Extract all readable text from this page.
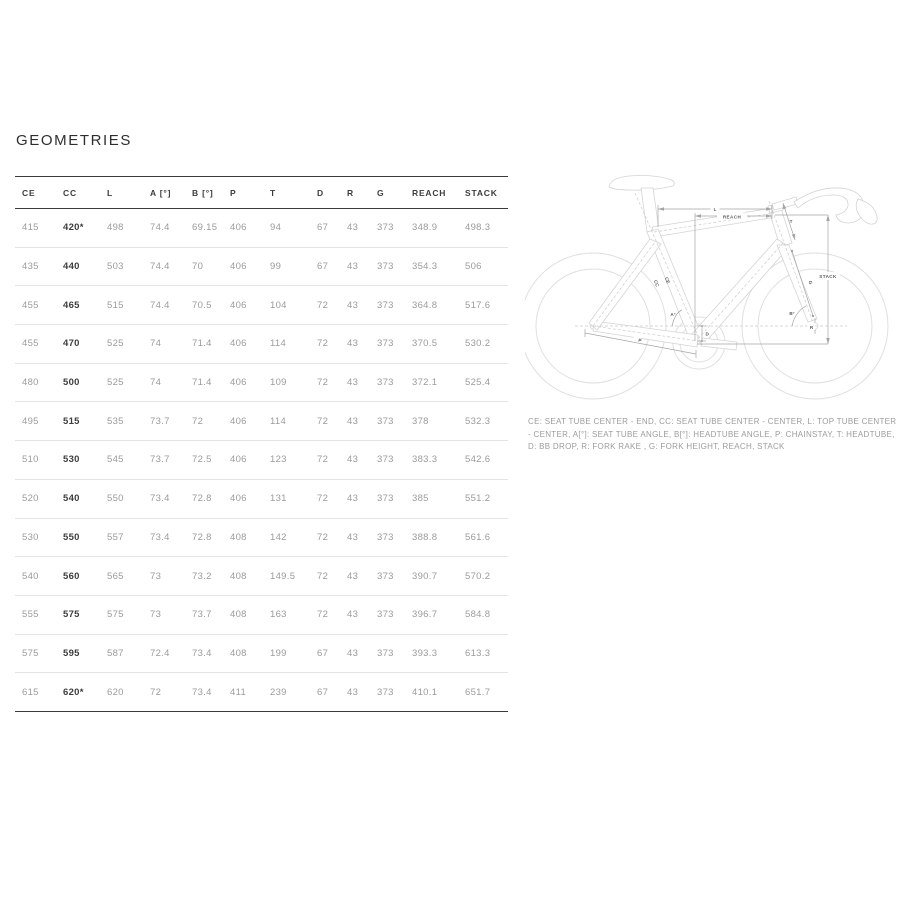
GEOMETRIES
CE	CC	L	A [°]	B [°]	P	T	D	R	G	REACH	STACK
415	420*	498	74.4	69.15	406	94	67	43	373	348.9	498.3
435	440	503	74.4	70	406	99	67	43	373	354.3	506
455	465	515	74.4	70.5	406	104	72	43	373	364.8	517.6
455	470	525	74	71.4	406	114	72	43	373	370.5	530.2
480	500	525	74	71.4	406	109	72	43	373	372.1	525.4
495	515	535	73.7	72	406	114	72	43	373	378	532.3
510	530	545	73.7	72.5	406	123	72	43	373	383.3	542.6
520	540	550	73.4	72.8	406	131	72	43	373	385	551.2
530	550	557	73.4	72.8	408	142	72	43	373	388.8	561.6
540	560	565	73	73.2	408	149.5	72	43	373	390.7	570.2
555	575	575	73	73.7	408	163	72	43	373	396.7	584.8
575	595	587	72.4	73.4	408	199	67	43	373	393.3	613.3
615	620*	620	72	73.4	411	239	67	43	373	410.1	651.7
L
REACH
STACK
CC CE
A°	B°
T
G
P
D
R

CE: SEAT TUBE CENTER - END, CC: SEAT TUBE CENTER - CENTER, L: TOP TUBE CENTER - CENTER, A[°]: SEAT TUBE ANGLE, B[°]: HEADTUBE ANGLE, P: CHAINSTAY, T: HEADTUBE, D: BB DROP, R: FORK RAKE , G: FORK HEIGHT, REACH, STACK
